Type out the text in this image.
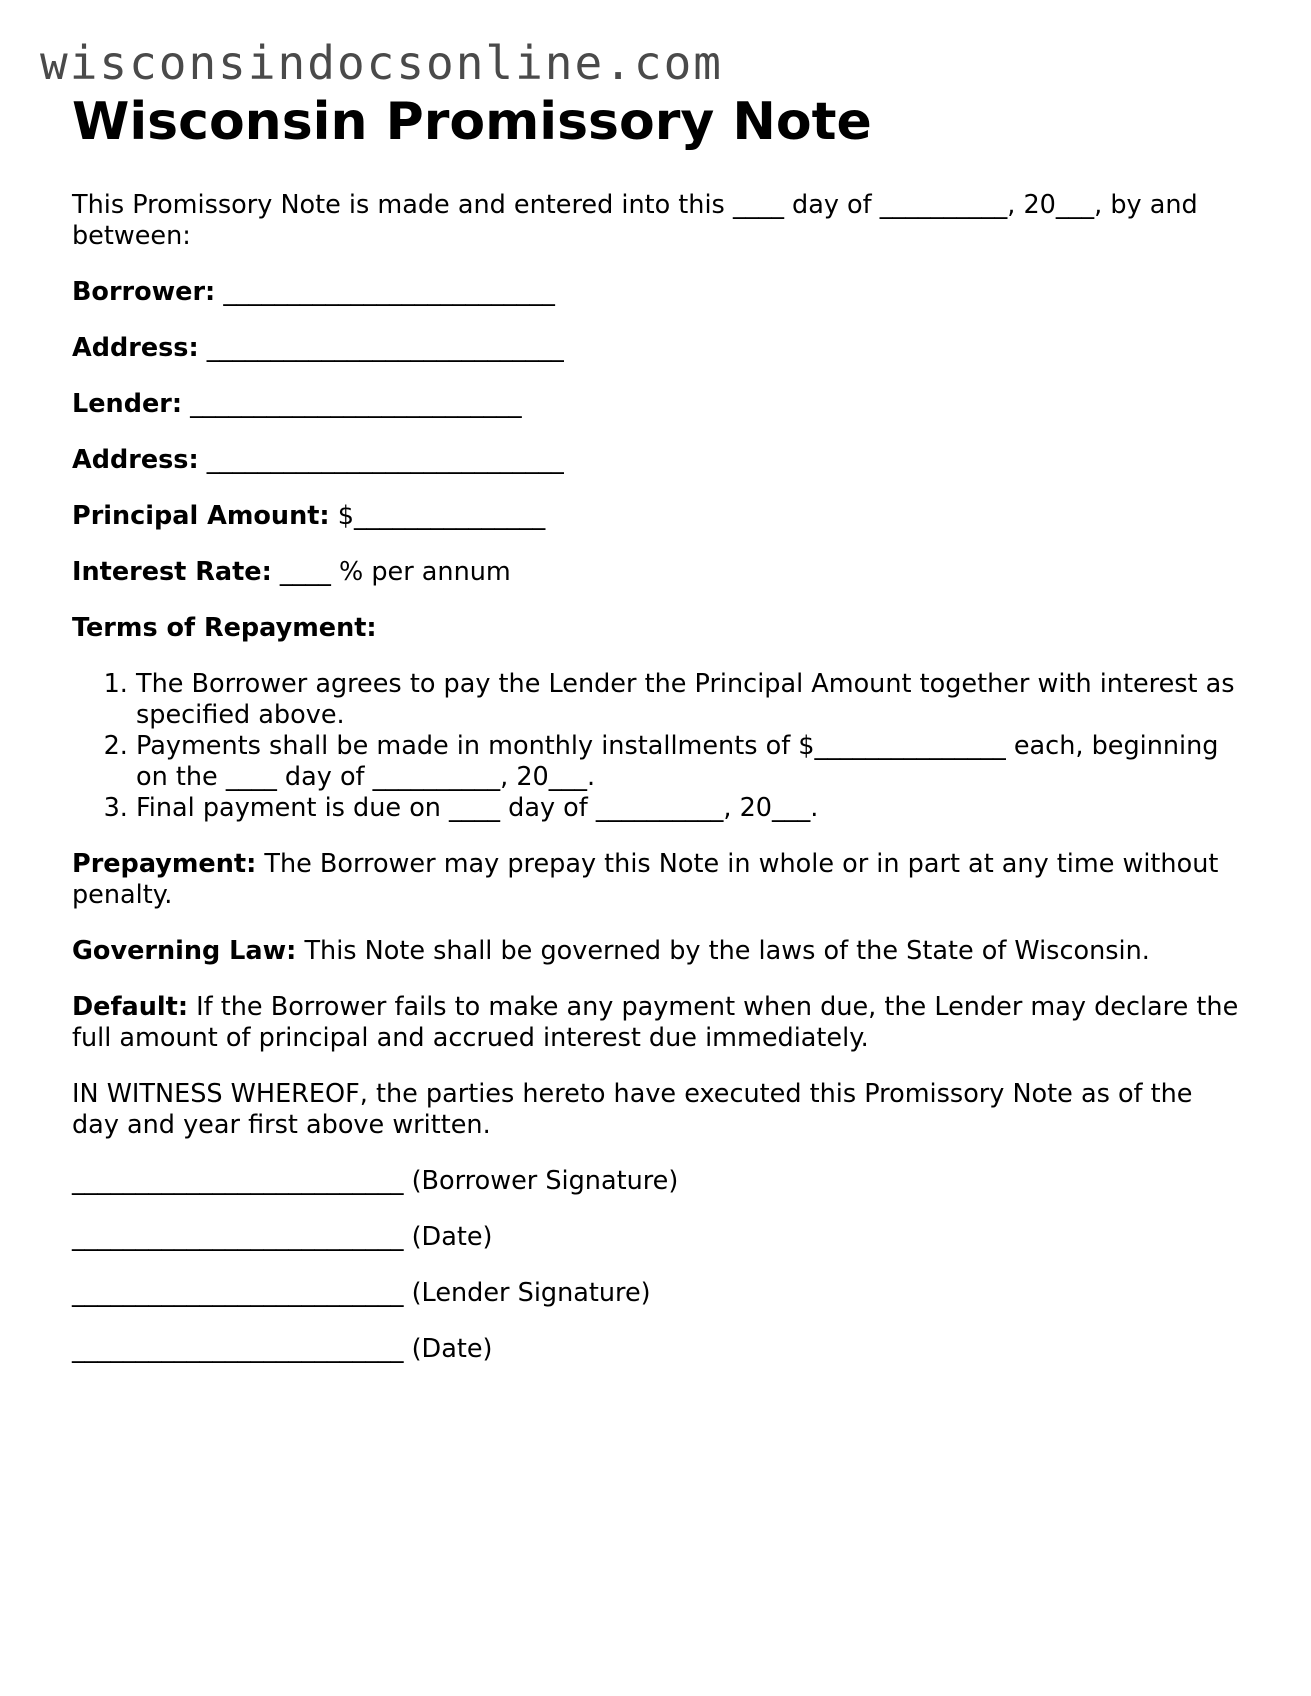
wisconsindocsonline.com
Wisconsin Promissory Note

This Promissory Note is made and entered into this ____ day of __________, 20___, by and between:

Borrower: __________________________
Address: ____________________________
Lender: __________________________
Address: ____________________________
Principal Amount: $_______________
Interest Rate: ____ % per annum
Terms of Repayment:
1. The Borrower agrees to pay the Lender the Principal Amount together with interest as specified above.
2. Payments shall be made in monthly installments of $_______________ each, beginning on the ____ day of __________, 20___.
3. Final payment is due on ____ day of __________, 20___.

Prepayment: The Borrower may prepay this Note in whole or in part at any time without penalty.

Governing Law: This Note shall be governed by the laws of the State of Wisconsin.

Default: If the Borrower fails to make any payment when due, the Lender may declare the full amount of principal and accrued interest due immediately.

IN WITNESS WHEREOF, the parties hereto have executed this Promissory Note as of the day and year first above written.

__________________________ (Borrower Signature)
__________________________ (Date)
__________________________ (Lender Signature)
__________________________ (Date)
